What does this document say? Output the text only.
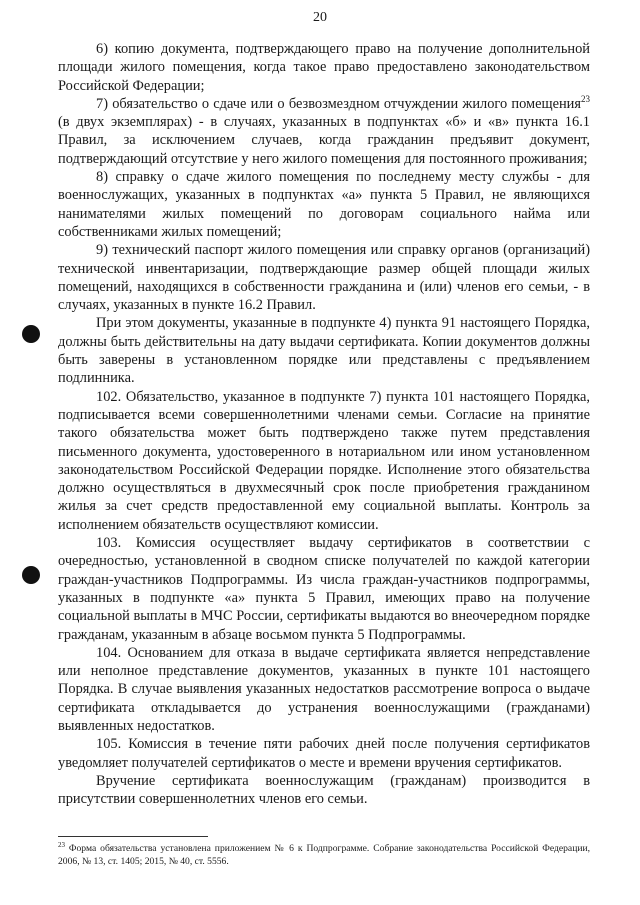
20

6) копию документа, подтверждающего право на получение дополнительной площади жилого помещения, когда такое право предоставлено законодательством Российской Федерации;

7) обязательство о сдаче или о безвозмездном отчуждении жилого помещения$^{23}$ (в двух экземплярах) - в случаях, указанных в подпунктах «б» и «в» пункта 16.1 Правил, за исключением случаев, когда гражданин предъявит документ, подтверждающий отсутствие у него жилого помещения для постоянного проживания;

8) справку о сдаче жилого помещения по последнему месту службы - для военнослужащих, указанных в подпунктах «а» пункта 5 Правил, не являющихся нанимателями жилых помещений по договорам социального найма или собственниками жилых помещений;

9) технический паспорт жилого помещения или справку органов (организаций) технической инвентаризации, подтверждающие размер общей площади жилых помещений, находящихся в собственности гражданина и (или) членов его семьи, - в случаях, указанных в пункте 16.2 Правил.

При этом документы, указанные в подпункте 4) пункта 91 настоящего Порядка, должны быть действительны на дату выдачи сертификата. Копии документов должны быть заверены в установленном порядке или представлены с предъявлением подлинника.

102. Обязательство, указанное в подпункте 7) пункта 101 настоящего Порядка, подписывается всеми совершеннолетними членами семьи. Согласие на принятие такого обязательства может быть подтверждено также путем представления письменного документа, удостоверенного в нотариальном или ином установленном законодательством Российской Федерации порядке. Исполнение этого обязательства должно осуществляться в двухмесячный срок после приобретения гражданином жилья за счет средств предоставленной ему социальной выплаты. Контроль за исполнением обязательств осуществляют комиссии.

103. Комиссия осуществляет выдачу сертификатов в соответствии с очередностью, установленной в сводном списке получателей по каждой категории граждан-участников Подпрограммы. Из числа граждан-участников подпрограммы, указанных в подпункте «а» пункта 5 Правил, имеющих право на получение социальной выплаты в МЧС России, сертификаты выдаются во внеочередном порядке гражданам, указанным в абзаце восьмом пункта 5 Подпрограммы.

104. Основанием для отказа в выдаче сертификата является непредставление или неполное представление документов, указанных в пункте 101 настоящего Порядка. В случае выявления указанных недостатков рассмотрение вопроса о выдаче сертификата откладывается до устранения военнослужащими (гражданами) выявленных недостатков.

105. Комиссия в течение пяти рабочих дней после получения сертификатов уведомляет получателей сертификатов о месте и времени вручения сертификатов.

Вручение сертификата военнослужащим (гражданам) производится в присутствии совершеннолетних членов его семьи.

$^{23}$ Форма обязательства установлена приложением № 6 к Подпрограмме. Собрание законодательства Российской Федерации, 2006, № 13, ст. 1405; 2015, № 40, ст. 5556.
